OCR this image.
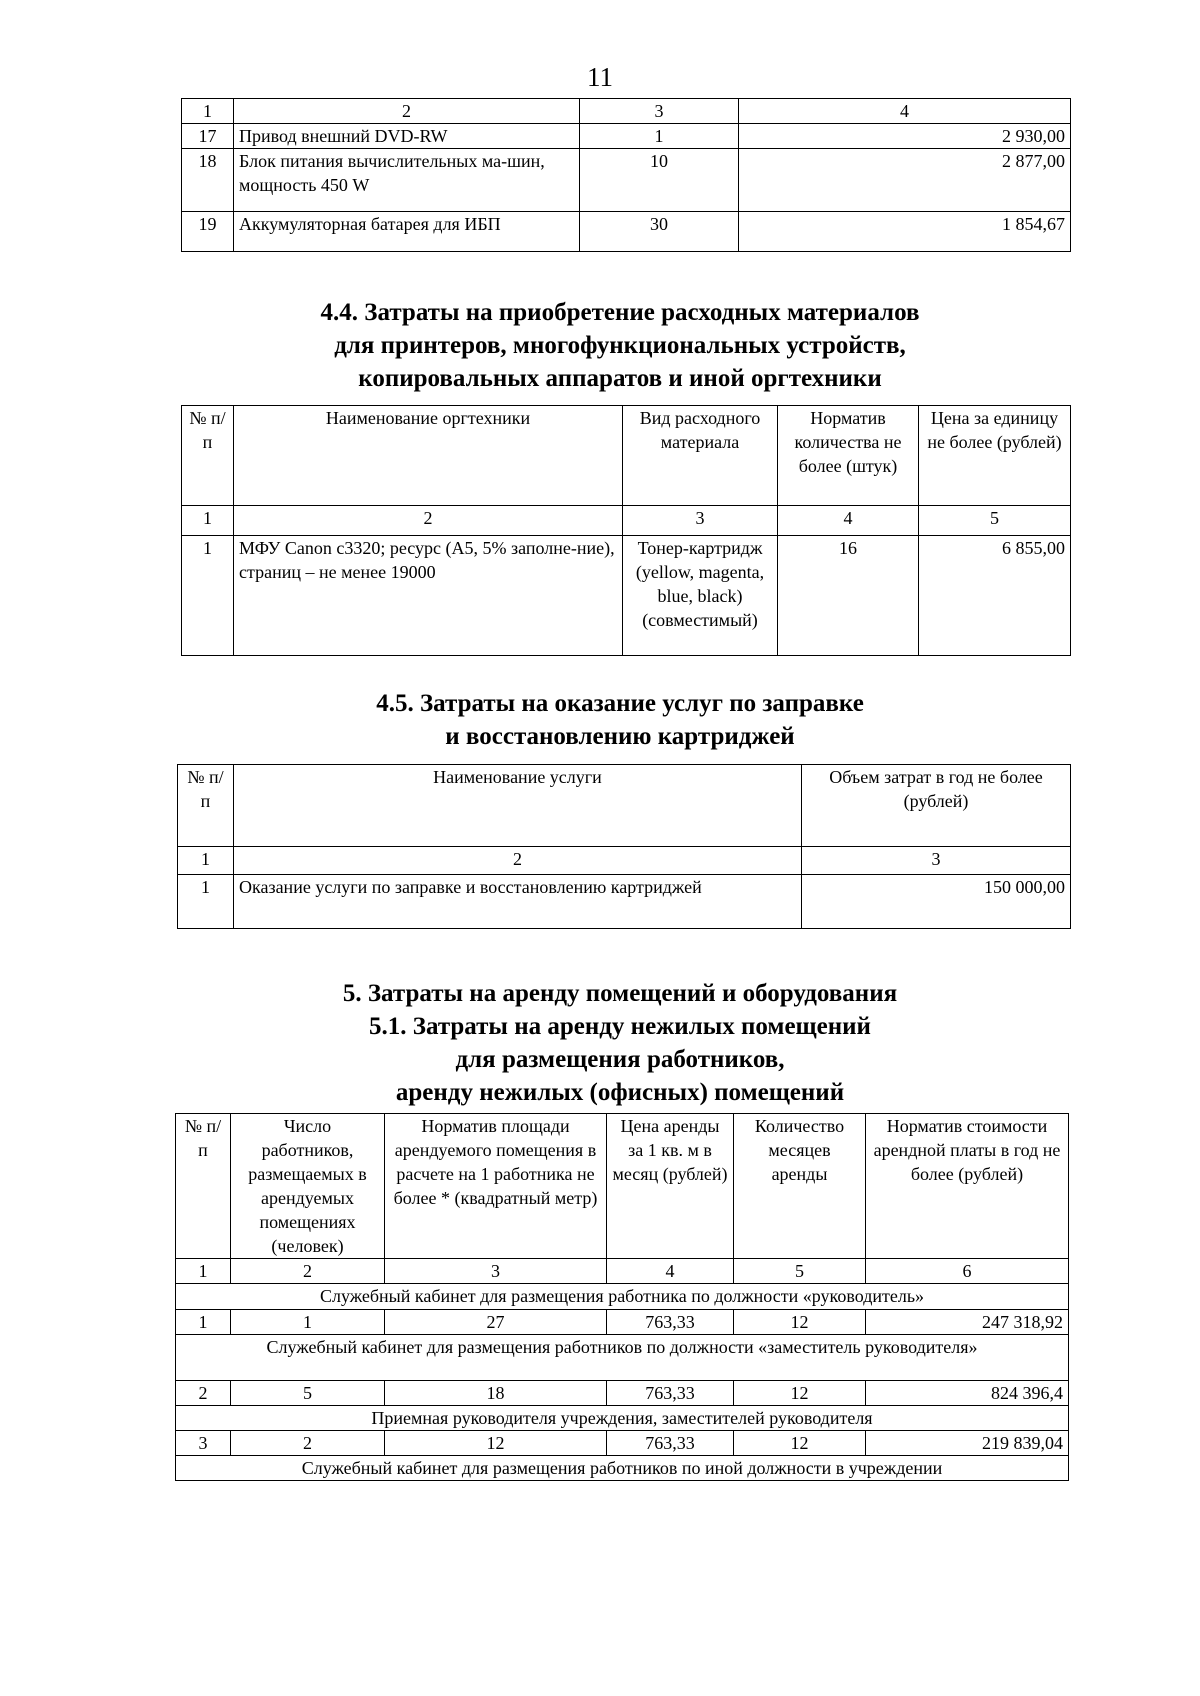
11
1	2	3	4
17	Привод внешний DVD-RW	1	2 930,00
18	Блок питания вычислительных ма-шин, мощность 450 W	10	2 877,00
19	Аккумуляторная батарея для ИБП	30	1 854,67
4.4. Затраты на приобретение расходных материалов
для принтеров, многофункциональных устройств,
копировальных аппаратов и иной оргтехники
№ п/п	Наименование оргтехники	Вид расходного материала	Норматив количества не более (штук)	Цена за единицу не более (рублей)
1	2	3	4	5
1	МФУ Canon c3320; ресурс (А5, 5% заполне-ние), страниц – не менее 19000	Тонер-картридж (yellow, magenta, blue, black) (совместимый)	16	6 855,00
4.5. Затраты на оказание услуг по заправке
и восстановлению картриджей
№ п/п	Наименование услуги	Объем затрат в год не более (рублей)
1	2	3
1	Оказание услуги по заправке и восстановлению картриджей	150 000,00
5. Затраты на аренду помещений и оборудования
5.1. Затраты на аренду нежилых помещений
для размещения работников,
аренду нежилых (офисных) помещений
№ п/п	Число работников, размещаемых в арендуемых помещениях (человек)	Норматив площади арендуемого помещения в расчете на 1 работника не более * (квадратный метр)	Цена аренды за 1 кв. м в месяц (рублей)	Количество месяцев аренды	Норматив стоимости арендной платы в год не более (рублей)
1	2	3	4	5	6
Служебный кабинет для размещения работника по должности «руководитель»					
1	1	27	763,33	12	247 318,92
Служебный кабинет для размещения работников по должности «заместитель руководителя»					
2	5	18	763,33	12	824 396,4
Приемная руководителя учреждения, заместителей руководителя					
3	2	12	763,33	12	219 839,04
Служебный кабинет для размещения работников по иной должности в учреждении					
